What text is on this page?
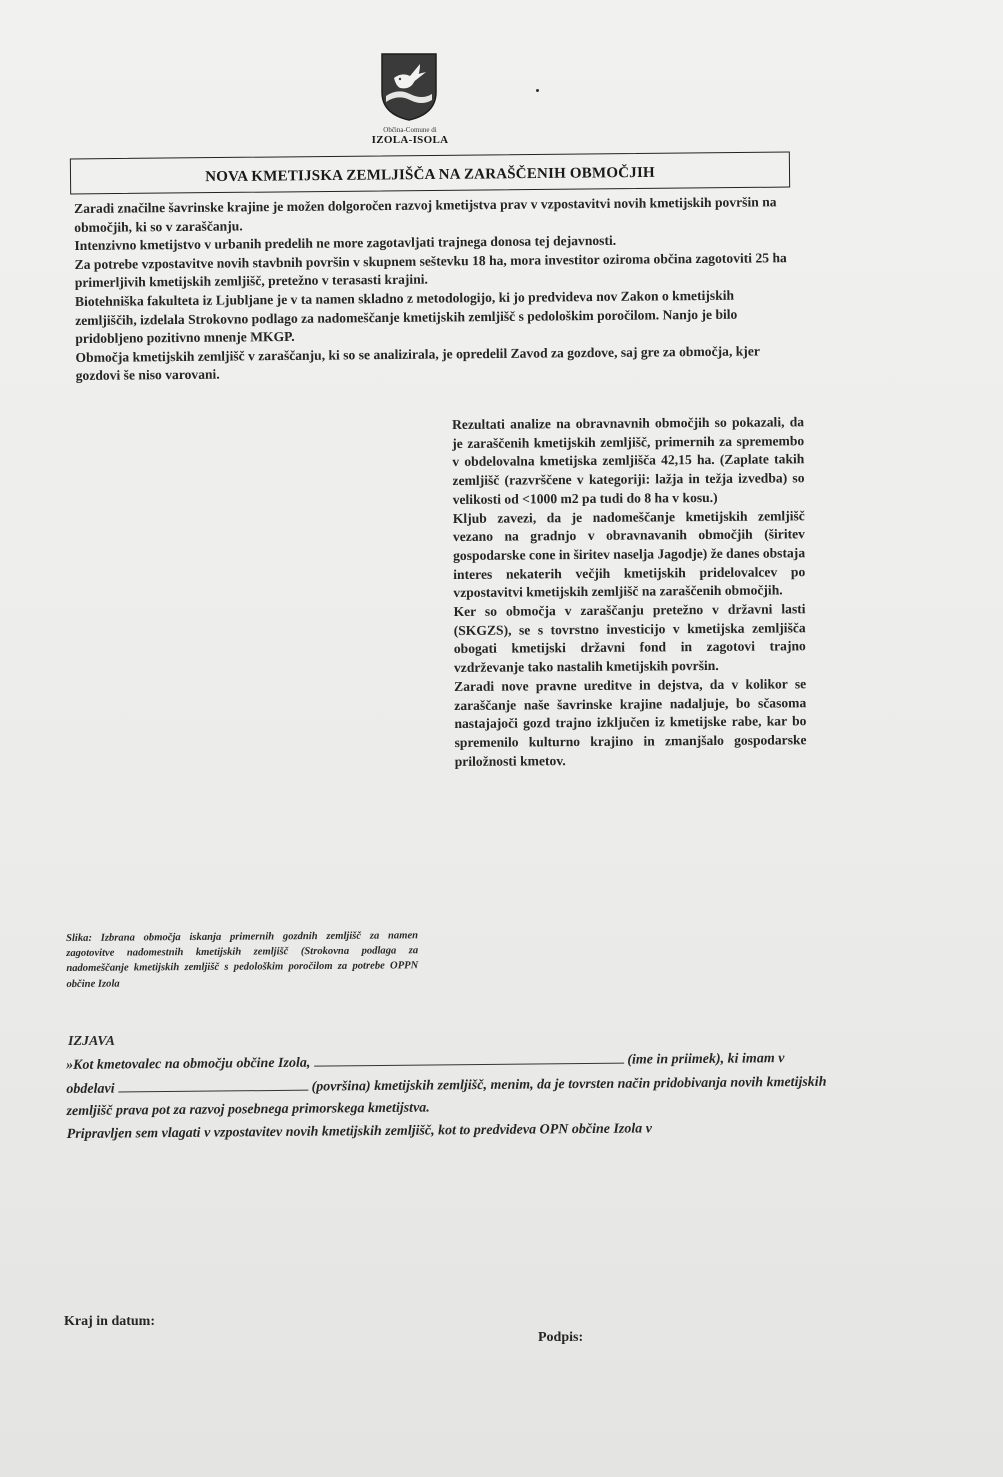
Občina-Comune di
IZOLA-ISOLA
NOVA KMETIJSKA ZEMLJIŠČA NA ZARAŠČENIH OBMOČJIH

Zaradi značilne šavrinske krajine je možen dolgoročen razvoj kmetijstva prav v vzpostavitvi novih kmetijskih površin na območjih, ki so v zaraščanju.

Intenzivno kmetijstvo v urbanih predelih ne more zagotavljati trajnega donosa tej dejavnosti.

Za potrebe vzpostavitve novih stavbnih površin v skupnem seštevku 18 ha, mora investitor oziroma občina zagotoviti 25 ha primerljivih kmetijskih zemljišč, pretežno v terasasti krajini.

Biotehniška fakulteta iz Ljubljane je v ta namen skladno z metodologijo, ki jo predvideva nov Zakon o kmetijskih zemljiščih, izdelala Strokovno podlago za nadomeščanje kmetijskih zemljišč s pedološkim poročilom. Nanjo je bilo pridobljeno pozitivno mnenje MKGP.

Območja kmetijskih zemljišč v zaraščanju, ki so se analizirala, je opredelil Zavod za gozdove, saj gre za območja, kjer gozdovi še niso varovani.

Rezultati analize na obravnavnih območjih so pokazali, da je zaraščenih kmetijskih zemljišč, primernih za spremembo v obdelovalna kmetijska zemljišča 42,15 ha. (Zaplate takih zemljišč (razvrščene v kategoriji: lažja in težja izvedba) so velikosti od <1000 m2 pa tudi do 8 ha v kosu.)

Kljub zavezi, da je nadomeščanje kmetijskih zemljišč vezano na gradnjo v obravnavanih območjih (širitev gospodarske cone in širitev naselja Jagodje) že danes obstaja interes nekaterih večjih kmetijskih pridelovalcev po vzpostavitvi kmetijskih zemljišč na zaraščenih območjih.

Ker so območja v zaraščanju pretežno v državni lasti (SKGZS), se s tovrstno investicijo v kmetijska zemljišča obogati kmetijski državni fond in zagotovi trajno vzdrževanje tako nastalih kmetijskih površin.

Zaradi nove pravne ureditve in dejstva, da v kolikor se zaraščanje naše šavrinske krajine nadaljuje, bo sčasoma nastajajoči gozd trajno izključen iz kmetijske rabe, kar bo spremenilo kulturno krajino in zmanjšalo gospodarske priložnosti kmetov.

Slika: Izbrana območja iskanja primernih gozdnih zemljišč za namen zagotovitve nadomestnih kmetijskih zemljišč (Strokovna podlaga za nadomeščanje kmetijskih zemljišč s pedološkim poročilom za potrebe OPPN občine Izola
IZJAVA

»Kot kmetovalec na območju občine Izola,	(ime in priimek), ki imam v obdelavi	(površina) kmetijskih zemljišč, menim, da je tovrsten način pridobivanja novih kmetijskih zemljišč prava pot za razvoj posebnega primorskega kmetijstva.

Pripravljen sem vlagati v vzpostavitev novih kmetijskih zemljišč, kot to predvideva OPN občine Izola v

Kraj in datum:
Podpis:
